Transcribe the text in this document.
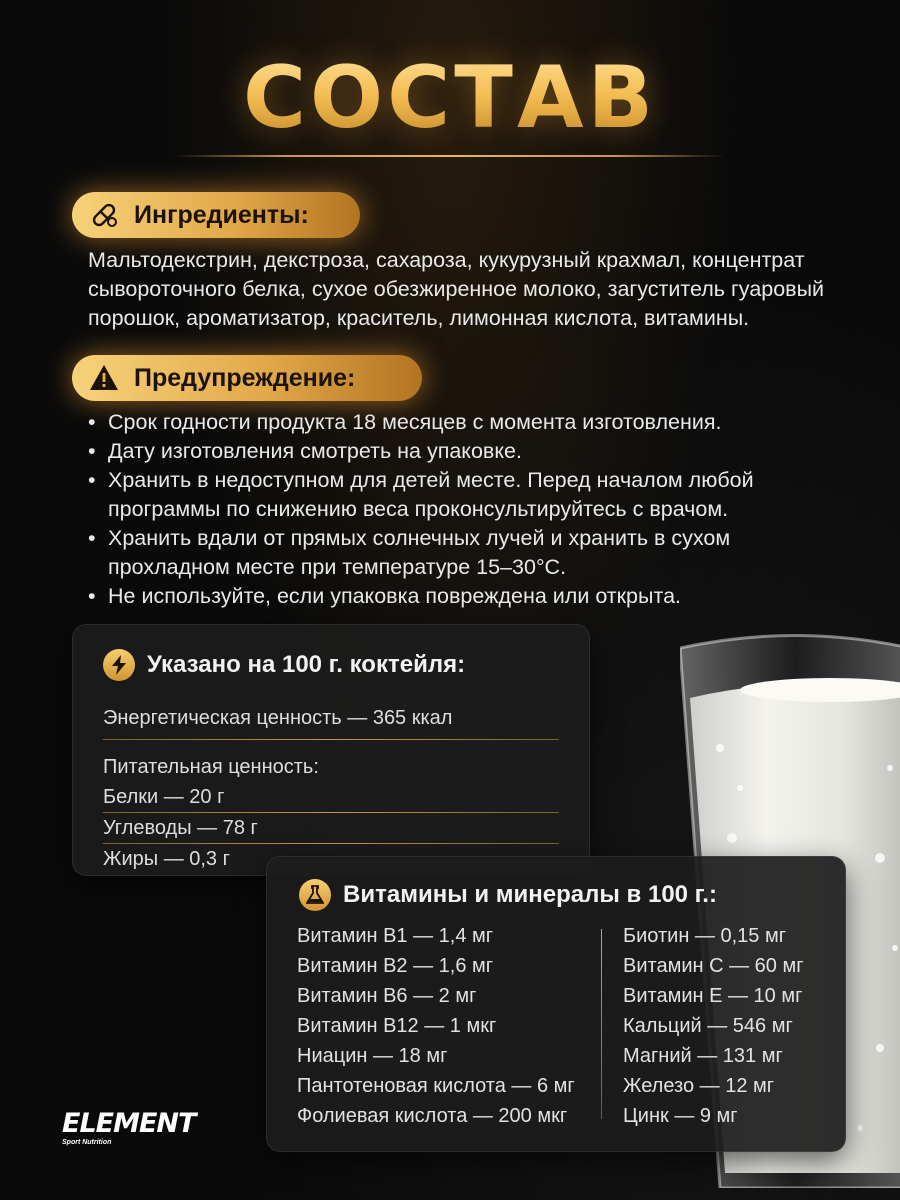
СОСТАВ
Ингредиенты:
Мальтодекстрин, декстроза, сахароза, кукурузный крахмал, концентрат сывороточного белка, сухое обезжиренное молоко, загуститель гуаровый порошок, ароматизатор, краситель, лимонная кислота, витамины.
Предупреждение:
• Срок годности продукта 18 месяцев с момента изготовления.
• Дату изготовления смотреть на упаковке.
• Хранить в недоступном для детей месте. Перед началом любой программы по снижению веса проконсультируйтесь с врачом.
• Хранить вдали от прямых солнечных лучей и хранить в сухом прохладном месте при температуре 15–30°C.
• Не используйте, если упаковка повреждена или открыта.
Указано на 100 г. коктейля:
Энергетическая ценность — 365 ккал
Питательная ценность:
Белки — 20 г
Углеводы — 78 г
Жиры — 0,3 г
Витамины и минералы в 100 г.:
Витамин B1 — 1,4 мг
Витамин B2 — 1,6 мг
Витамин B6 — 2 мг
Витамин B12 — 1 мкг
Ниацин — 18 мг
Пантотеновая кислота — 6 мг
Фолиевая кислота — 200 мкг
Биотин — 0,15 мг
Витамин C — 60 мг
Витамин E — 10 мг
Кальций — 546 мг
Магний — 131 мг
Железо — 12 мг
Цинк — 9 мг
ELEMENT
Sport Nutrition
